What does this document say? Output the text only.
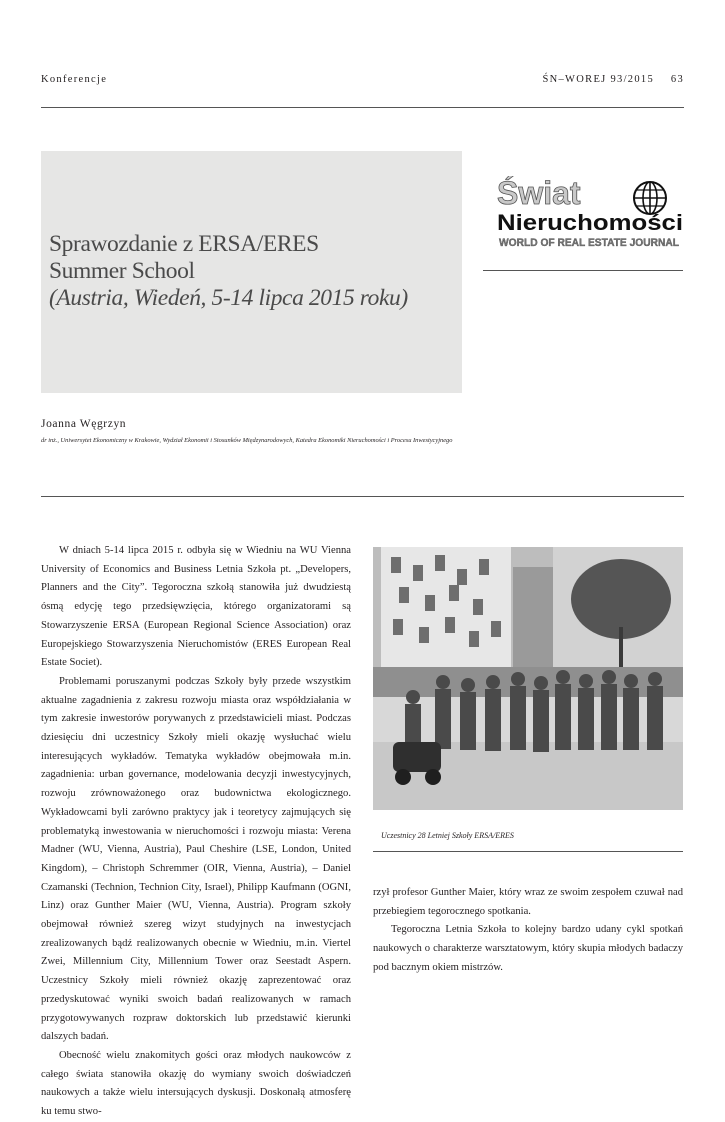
Konferencje	ŚN–WOREJ 93/2015 63
Sprawozdanie z ERSA/ERES
Summer School
(Austria, Wiedeń, 5-14 lipca 2015 roku)
Świat
Nieruchomości
WORLD OF REAL ESTATE JOURNAL
Joanna Węgrzyn
dr inż., Uniwersytet Ekonomiczny w Krakowie, Wydział Ekonomii i Stosunków Międzynarodowych, Katedra Ekonomiki Nieruchomości i Procesu Inwestycyjnego

W dniach 5-14 lipca 2015 r. odbyła się w Wiedniu na WU Vienna University of Economics and Business Letnia Szkoła pt. „Developers, Planners and the City”. Tegoroczna szkołą stanowiła już dwudziestą ósmą edycję tego przedsięwzięcia, którego organizatorami są Stowarzyszenie ERSA (European Regional Science Association) oraz Europejskiego Stowarzyszenia Nieruchomistów (ERES European Real Estate Societ).

Problemami poruszanymi podczas Szkoły były przede wszystkim aktualne zagadnienia z zakresu rozwoju miasta oraz współdziałania w tym zakresie inwestorów porywanych z przedstawicieli miast. Podczas dziesięciu dni uczestnicy Szkoły mieli okazję wysłuchać wielu interesujących wykładów. Tematyka wykładów obejmowała m.in. zagadnienia: urban governance, modelowania decyzji inwestycyjnych, rozwoju zrównoważonego oraz budownictwa ekologicznego. Wykładowcami byli zarówno praktycy jak i teoretycy zajmujących się problematyką inwestowania w nieruchomości i rozwoju miasta: Verena Madner (WU, Vienna, Austria), Paul Cheshire (LSE, London, United Kingdom), – Christoph Schremmer (OIR, Vienna, Austria), – Daniel Czamanski (Technion, Technion City, Israel), Philipp Kaufmann (OGNI, Linz) oraz Gunther Maier (WU, Vienna, Austria). Program szkoły obejmował również szereg wizyt studyjnych na inwestycjach zrealizowanych bądź realizowanych obecnie w Wiedniu, m.in. Viertel Zwei, Millennium City, Millennium Tower oraz Seestadt Aspern. Uczestnicy Szkoły mieli również okazję zaprezentować oraz przedyskutować wyniki swoich badań realizowanych w ramach przygotowywanych rozpraw doktorskich lub przedstawić kierunki dalszych badań.

Obecność wielu znakomitych gości oraz młodych naukowców z całego świata stanowiła okazję do wymiany swoich doświadczeń naukowych a także wielu intersujących dyskusji. Doskonałą atmosferę ku temu stwo-

Uczestnicy 28 Letniej Szkoły ERSA/ERES

rzył profesor Gunther Maier, który wraz ze swoim zespołem czuwał nad przebiegiem tegorocznego spotkania.

Tegoroczna Letnia Szkoła to kolejny bardzo udany cykl spotkań naukowych o charakterze warsztatowym, który skupia młodych badaczy pod bacznym okiem mistrzów.
